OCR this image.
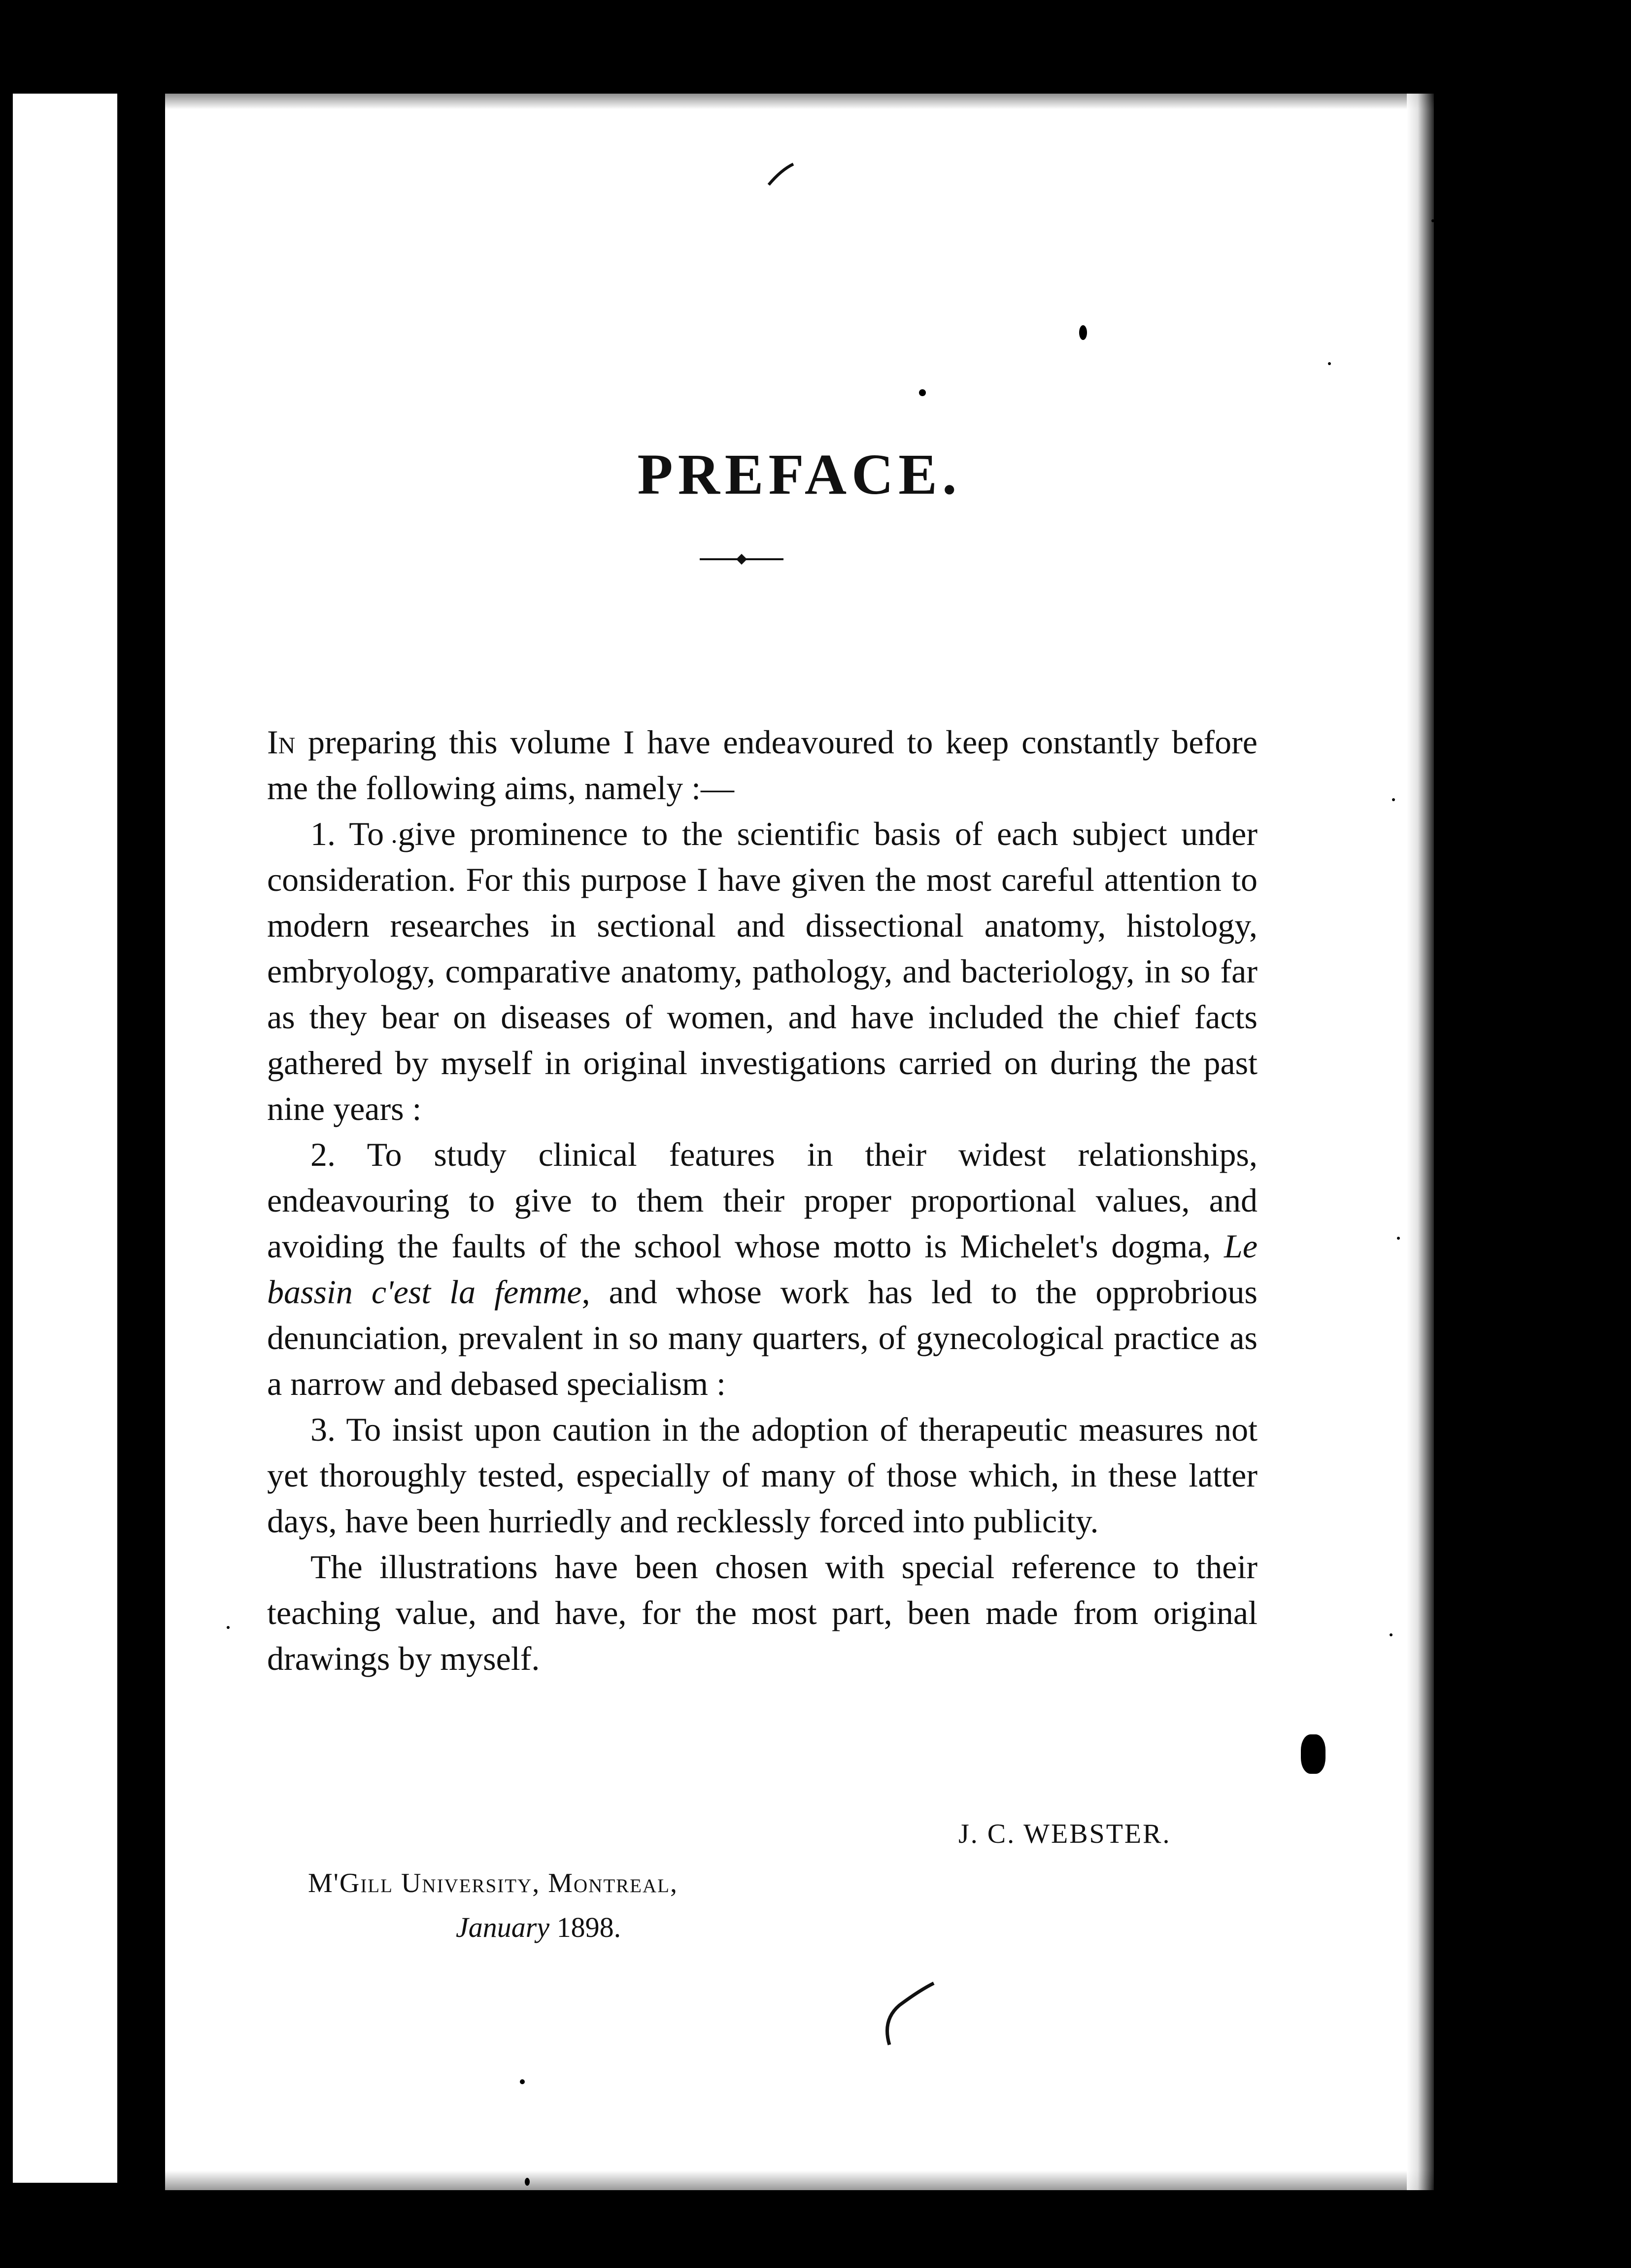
PREFACE.

In preparing this volume I have endeavoured to keep constantly before me the following aims, namely :—

1. To give prominence to the scientific basis of each subject under consideration. For this purpose I have given the most careful attention to modern researches in sectional and dissectional anatomy, histology, embryology, comparative anatomy, pathology, and bacteriology, in so far as they bear on diseases of women, and have included the chief facts gathered by myself in original investigations carried on during the past nine years :

2. To study clinical features in their widest relationships, endeavouring to give to them their proper proportional values, and avoiding the faults of the school whose motto is Michelet's dogma, Le bassin c'est la femme, and whose work has led to the opprobrious denunciation, prevalent in so many quarters, of gynecological practice as a narrow and debased specialism :

3. To insist upon caution in the adoption of therapeutic measures not yet thoroughly tested, especially of many of those which, in these latter days, have been hurriedly and recklessly forced into publicity.

The illustrations have been chosen with special reference to their teaching value, and have, for the most part, been made from original drawings by myself.

J. C. WEBSTER.
M'Gill University, Montreal,
January 1898.
